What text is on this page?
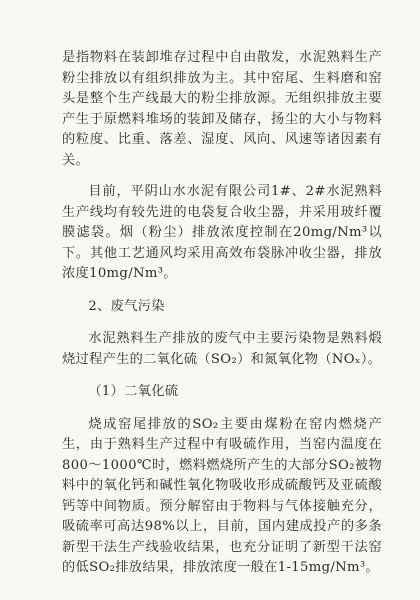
是指物料在装卸堆存过程中自由散发，水泥熟料生产粉尘排放以有组织排放为主。其中窑尾、生料磨和窑头是整个生产线最大的粉尘排放源。无组织排放主要产生于原燃料堆场的装卸及储存，扬尘的大小与物料的粒度、比重、落差、湿度、风向、风速等诸因素有关。

目前，平阴山水水泥有限公司1#、2#水泥熟料生产线均有较先进的电袋复合收尘器，并采用玻纤覆膜滤袋。烟（粉尘）排放浓度控制在20mg/Nm³以下。其他工艺通风均采用高效布袋脉冲收尘器，排放浓度10mg/Nm³。

2、废气污染

水泥熟料生产排放的废气中主要污染物是熟料煅烧过程产生的二氧化硫（SO₂）和氮氧化物（NOₓ）。

（1）二氧化硫

烧成窑尾排放的SO₂主要由煤粉在窑内燃烧产生，由于熟料生产过程中有吸硫作用，当窑内温度在800～1000℃时，燃料燃烧所产生的大部分SO₂被物料中的氧化钙和碱性氧化物吸收形成硫酸钙及亚硫酸钙等中间物质。预分解窑由于物料与气体接触充分，吸硫率可高达98%以上，目前，国内建成投产的多条新型干法生产线验收结果，也充分证明了新型干法窑的低SO₂排放结果，排放浓度一般在1-15mg/Nm³。
